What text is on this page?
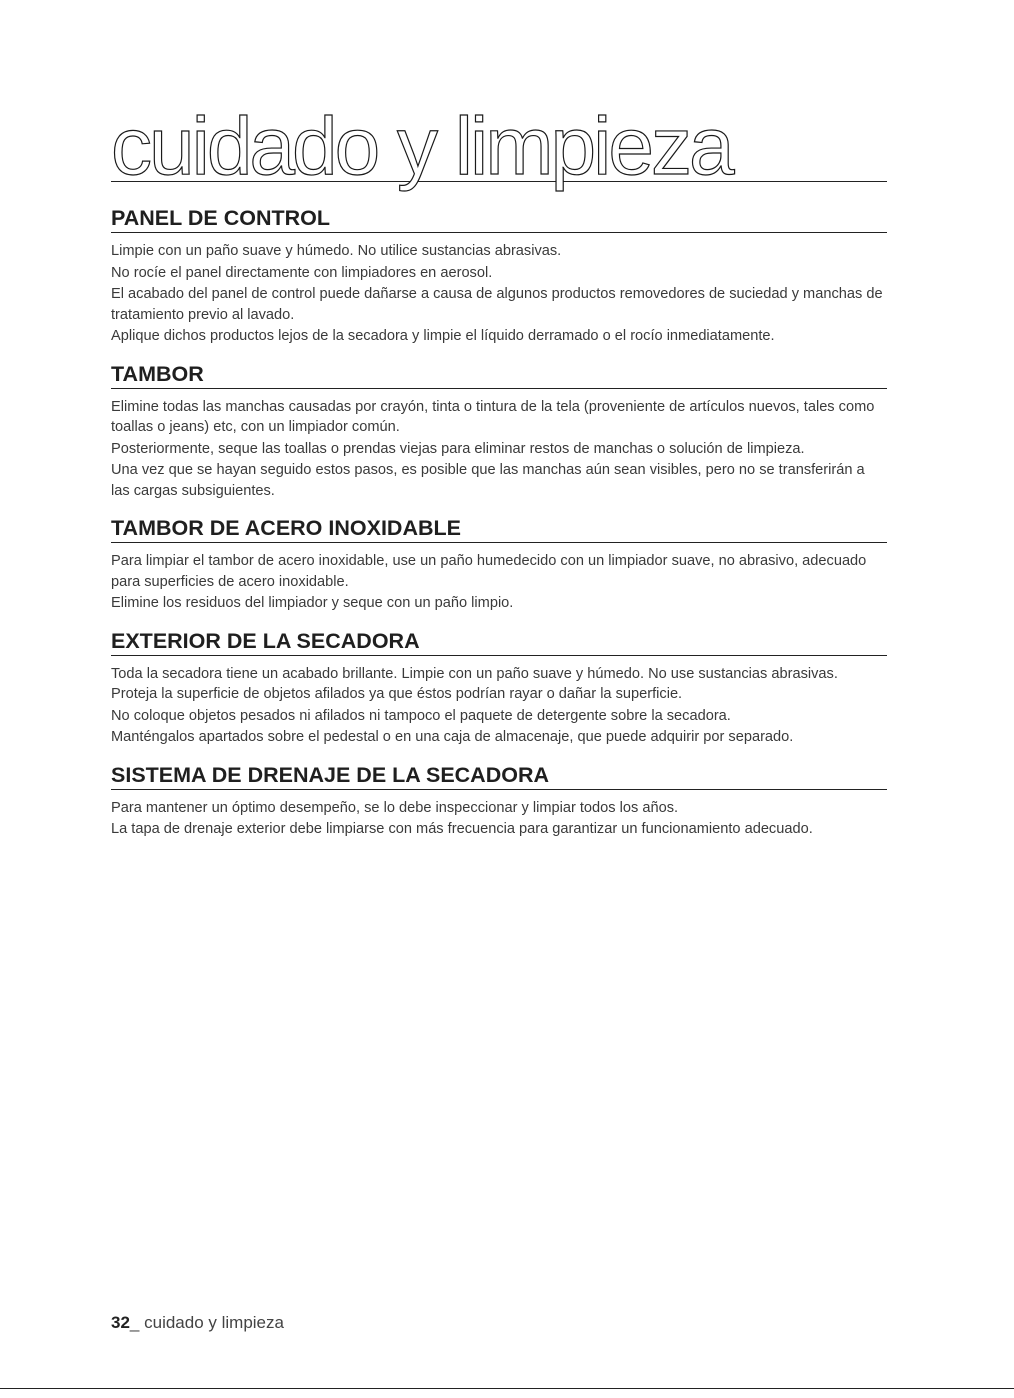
cuidado y limpieza
PANEL DE CONTROL

Limpie con un paño suave y húmedo. No utilice sustancias abrasivas.

No rocíe el panel directamente con limpiadores en aerosol.

El acabado del panel de control puede dañarse a causa de algunos productos removedores de suciedad y manchas de tratamiento previo al lavado.

Aplique dichos productos lejos de la secadora y limpie el líquido derramado o el rocío inmediatamente.

TAMBOR

Elimine todas las manchas causadas por crayón, tinta o tintura de la tela (proveniente de artículos nuevos, tales como toallas o jeans) etc, con un limpiador común.

Posteriormente, seque las toallas o prendas viejas para eliminar restos de manchas o solución de limpieza.

Una vez que se hayan seguido estos pasos, es posible que las manchas aún sean visibles, pero no se transferirán a las cargas subsiguientes.

TAMBOR DE ACERO INOXIDABLE

Para limpiar el tambor de acero inoxidable, use un paño humedecido con un limpiador suave, no abrasivo, adecuado para superficies de acero inoxidable.

Elimine los residuos del limpiador y seque con un paño limpio.

EXTERIOR DE LA SECADORA

Toda la secadora tiene un acabado brillante. Limpie con un paño suave y húmedo. No use sustancias abrasivas. Proteja la superficie de objetos afilados ya que éstos podrían rayar o dañar la superficie.

No coloque objetos pesados ni afilados ni tampoco el paquete de detergente sobre la secadora.

Manténgalos apartados sobre el pedestal o en una caja de almacenaje, que puede adquirir por separado.

SISTEMA DE DRENAJE DE LA SECADORA

Para mantener un óptimo desempeño, se lo debe inspeccionar y limpiar todos los años.

La tapa de drenaje exterior debe limpiarse con más frecuencia para garantizar un funcionamiento adecuado.

32_ cuidado y limpieza
